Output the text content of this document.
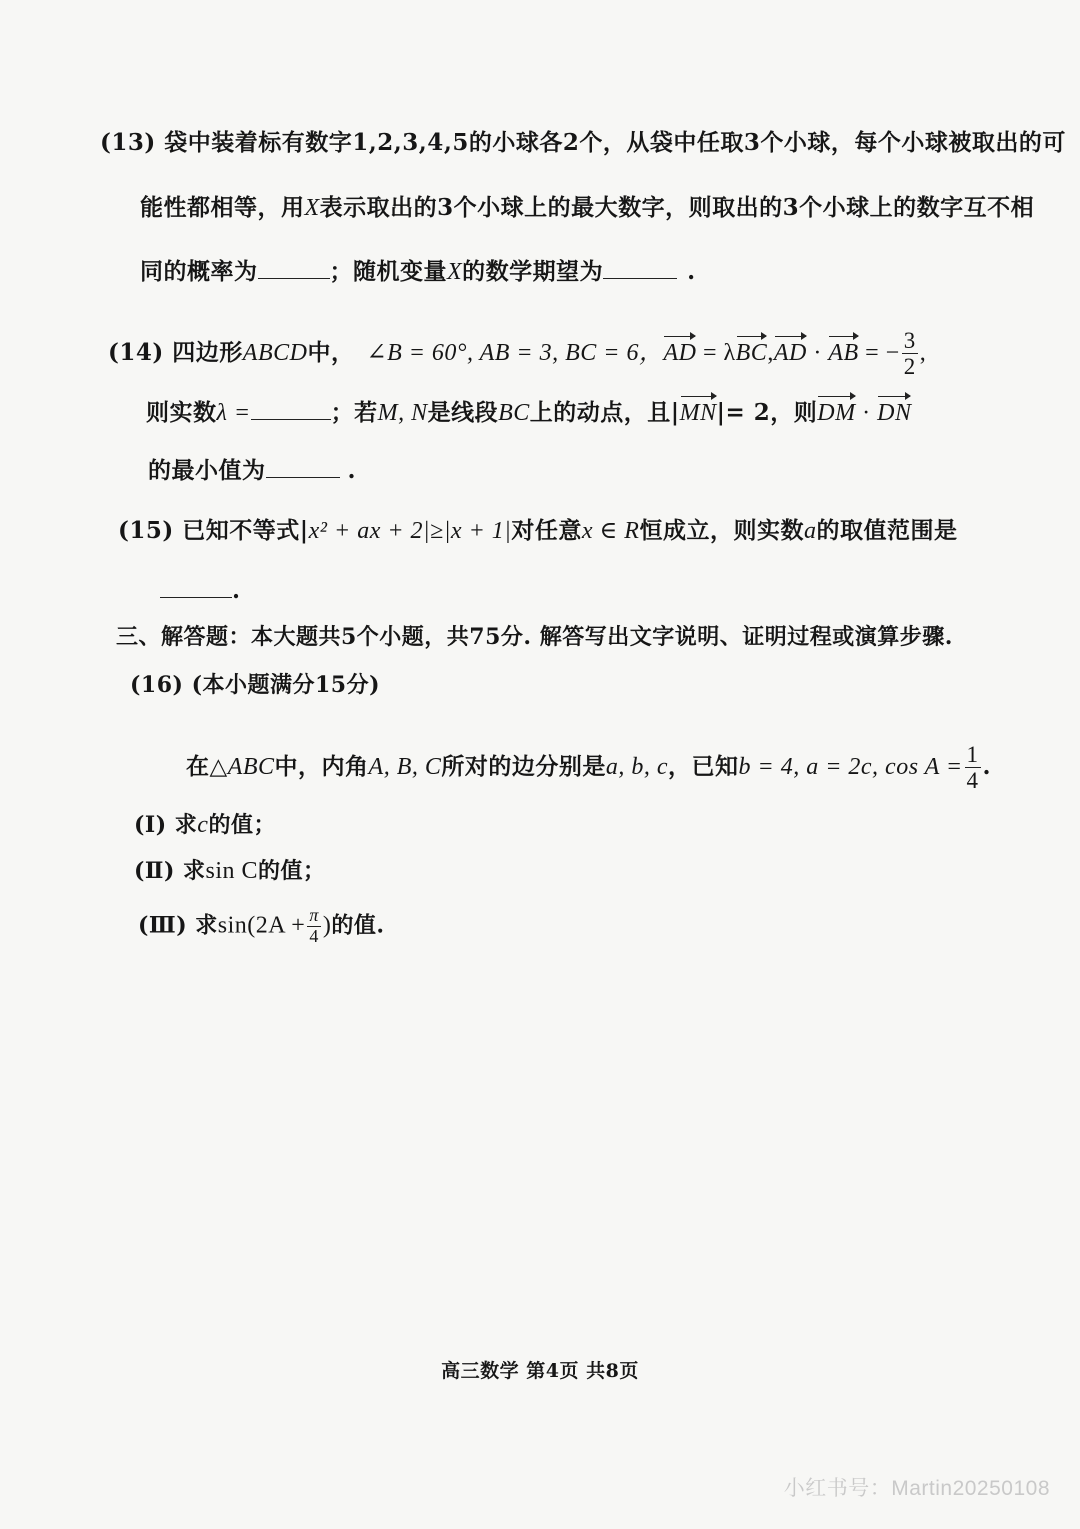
(13) 袋中装着标有数字1,2,3,4,5的小球各2个，从袋中任取3个小球，每个小球被取出的可
能性都相等，用X表示取出的3个小球上的最大数字，则取出的3个小球上的数字互不相
同的概率为	；随机变量X的数学期望为	.
(14) 四边形ABCD中， ∠B = 60°, AB = 3, BC = 6，AD = λBC,AD · AB = − $\frac{3}{2}$ ,
则实数λ =	；若M, N是线段BC上的动点，且|MN|= 2，则DM · DN
的最小值为	.
(15) 已知不等式|x² + ax + 2|≥|x + 1|对任意x ∈ R恒成立，则实数a的取值范围是
.
三、解答题：本大题共5个小题，共75分. 解答写出文字说明、证明过程或演算步骤.
(16) (本小题满分15分)
在△ABC中，内角A, B, C所对的边分别是a, b, c，已知b = 4, a = 2c, $\cos A = \frac{1}{4}$ .
(Ⅰ) 求c的值；
(Ⅱ) 求sin C的值；
(Ⅲ) 求$\sin(2A + \frac{\pi}{4}$ )的值.
高三数学 第4页 共8页
小红书号：Martin20250108
